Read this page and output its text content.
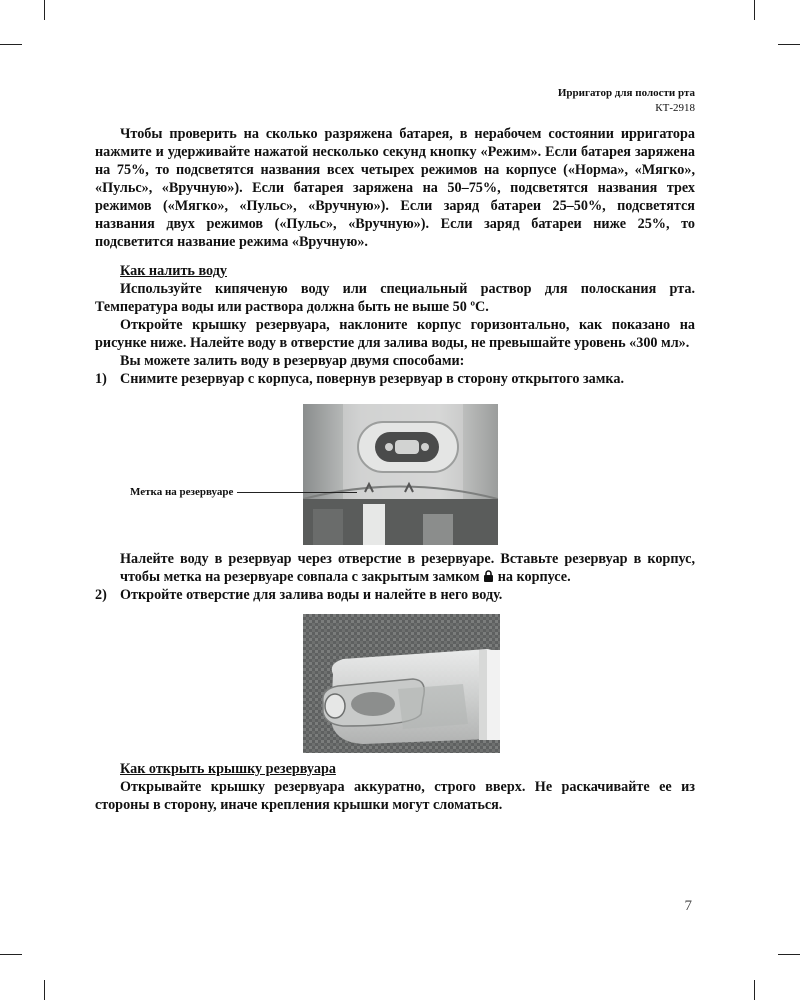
Ирригатор для полости рта
КТ-2918

Чтобы проверить на сколько разряжена батарея, в нерабочем состоянии ирригатора нажмите и удерживайте нажатой несколько секунд кнопку «Режим». Если батарея заряжена на 75%, то подсветятся названия всех четырех режимов на корпусе («Норма», «Мягко», «Пульс», «Вручную»). Если батарея заряжена на 50–75%, подсветятся названия трех режимов («Мягко», «Пульс», «Вручную»). Если заряд батареи 25–50%, подсветятся названия двух режимов («Пульс», «Вручную»). Если заряд батареи ниже 25%, то подсветится название режима «Вручную».

Как налить воду

Используйте кипяченую воду или специальный раствор для полоскания рта. Температура воды или раствора должна быть не выше 50 ºС.

Откройте крышку резервуара, наклоните корпус горизонтально, как показано на рисунке ниже. Налейте воду в отверстие для залива воды, не превышайте уровень «300 мл».

Вы можете залить воду в резервуар двумя способами:

1) Снимите резервуар с корпуса, повернув резервуар в сторону открытого замка.
Метка на резервуаре
Налейте воду в резервуар через отверстие в резервуаре. Вставьте резервуар в корпус, чтобы метка на резервуаре совпала с закрытым замком на корпусе.
2) Откройте отверстие для залива воды и налейте в него воду.

Как открыть крышку резервуара

Открывайте крышку резервуара аккуратно, строго вверх. Не раскачивайте ее из стороны в сторону, иначе крепления крышки могут сломаться.

7
